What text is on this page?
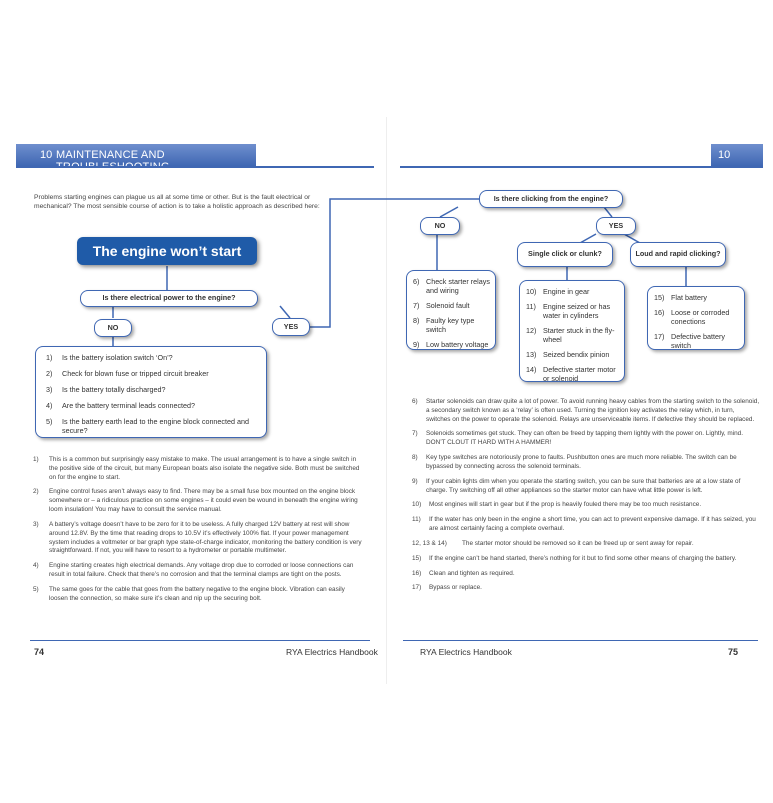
10 MAINTENANCE AND	10
74	RYA Electrics Handbook	RYA Electrics Handbook	75
Problems starting engines can plague us all at some time or other. But is the fault electrical or mechanical? The most sensible course of action is to take a holistic approach as described here:
The engine won’t start
Is there electrical power to the engine?
NO	YES
1)	Is the battery isolation switch ‘On’?
2)	Check for blown fuse or tripped circuit breaker
3)	Is the battery totally discharged?
4)	Are the battery terminal leads connected?
5)	Is the battery earth lead to the engine block connected and secure?
1)	This is a common but surprisingly easy mistake to make. The usual arrangement is to have a single switch in the positive side of the circuit, but many European boats also isolate the negative side. Both must be switched on for the engine to start.
2)	Engine control fuses aren’t always easy to find. There may be a small fuse box mounted on the engine block somewhere or – a ridiculous practice on some engines – it could even be wound in beneath the engine wiring loom insulation! You may have to consult the service manual.
3)	A battery’s voltage doesn’t have to be zero for it to be useless. A fully charged 12V battery at rest will show around 12.8V. By the time that reading drops to 10.5V it’s effectively 100% flat. If your power management system includes a voltmeter or bar graph type state-of-charge indicator, monitoring the battery condition is very straightforward. If not, you will have to resort to a hydrometer or portable multimeter.
4)	Engine starting creates high electrical demands. Any voltage drop due to corroded or loose connections can result in total failure. Check that there’s no corrosion and that the terminal clamps are tight on the posts.
5)	The same goes for the cable that goes from the battery negative to the engine block. Vibration can easily loosen the connection, so make sure it’s clean and nip up the securing bolt.
Is there clicking from the engine?
NO	YES
Single click or clunk?	Loud and rapid clicking?
6) Check starter relays and wiring
7) Solenoid fault
8) Faulty key type switch
9) Low battery voltage
10) Engine in gear
11) Engine seized or has water in cylinders
12) Starter stuck in the fly-wheel
13) Seized bendix pinion
14) Defective starter motor or solenoid
15) Flat battery
16) Loose or corroded conections
17) Defective battery switch
6)	Starter solenoids can draw quite a lot of power. To avoid running heavy cables from the starting switch to the solenoid, a secondary switch known as a ‘relay’ is often used. Turning the ignition key activates the relay which, in turn, switches on the power to operate the solenoid. Relays are unserviceable items. If defective they should be replaced.
7)	Solenoids sometimes get stuck. They can often be freed by tapping them lightly with the power on. Lightly, mind. DON’T CLOUT IT HARD WITH A HAMMER!
8)	Key type switches are notoriously prone to faults. Pushbutton ones are much more reliable. The switch can be bypassed by connecting across the solenoid terminals.
9)	If your cabin lights dim when you operate the starting switch, you can be sure that batteries are at a low state of charge. Try switching off all other appliances so the starter motor can have what little power is left.
10)	Most engines will start in gear but if the prop is heavily fouled there may be too much resistance.
11)	If the water has only been in the engine a short time, you can act to prevent expensive damage. If it has seized, you are almost certainly facing a complete overhaul.
12, 13 & 14)	The starter motor should be removed so it can be freed up or sent away for repair.
15)	If the engine can’t be hand started, there’s nothing for it but to find some other means of charging the battery.
16)	Clean and tighten as required.
17)	Bypass or replace.
